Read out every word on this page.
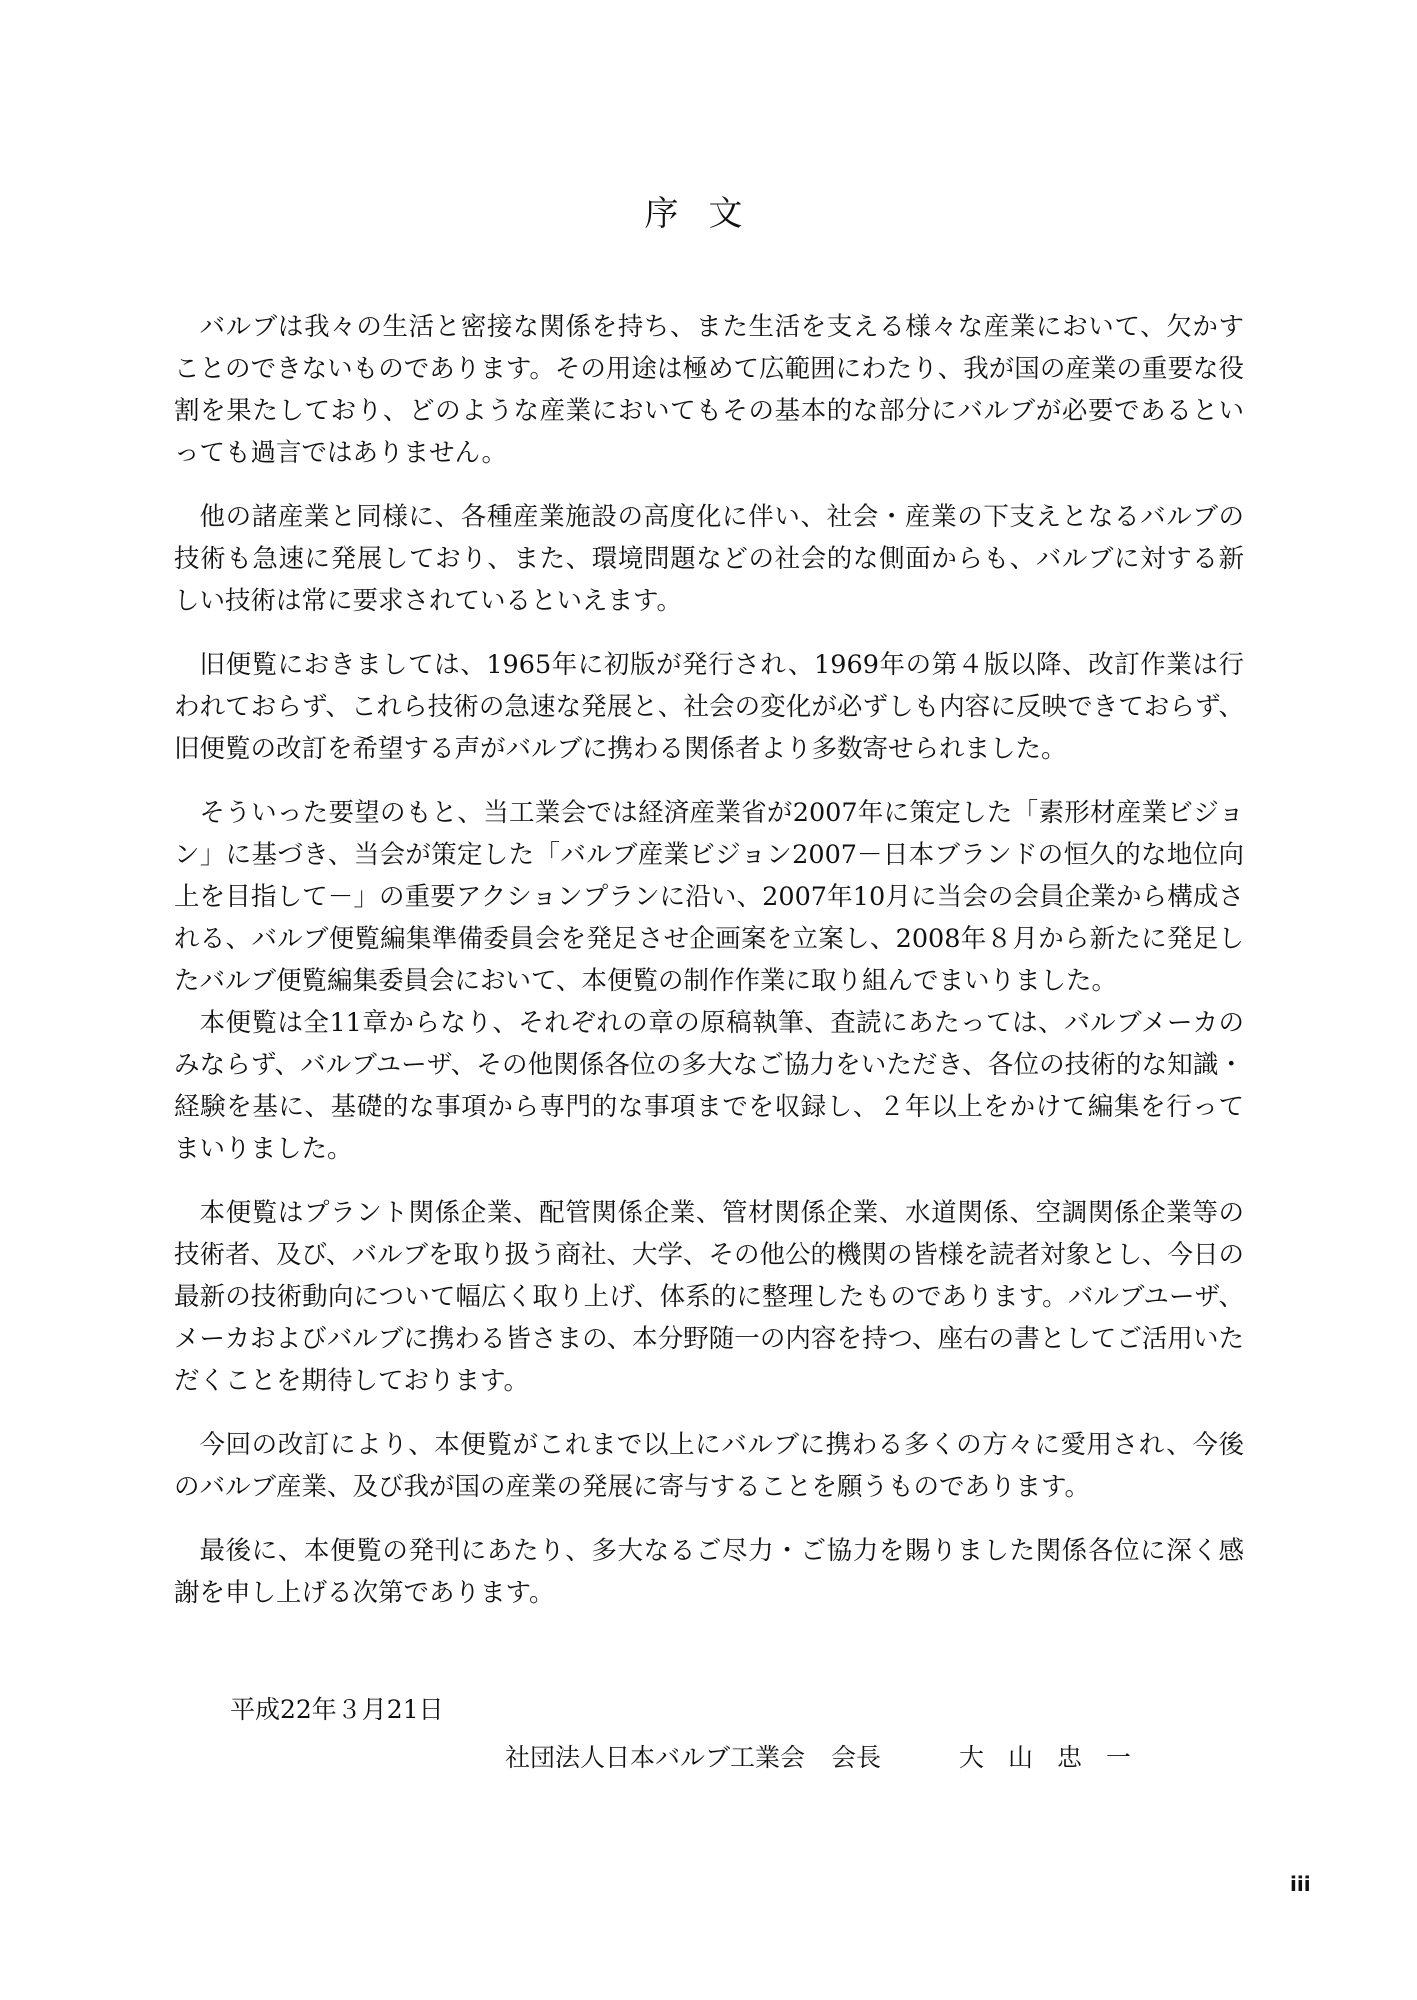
序文

バルブは我々の生活と密接な関係を持ち、また生活を支える様々な産業において、欠かすことのできないものであります。その用途は極めて広範囲にわたり、我が国の産業の重要な役割を果たしており、どのような産業においてもその基本的な部分にバルブが必要であるといっても過言ではありません。

他の諸産業と同様に、各種産業施設の高度化に伴い、社会・産業の下支えとなるバルブの技術も急速に発展しており、また、環境問題などの社会的な側面からも、バルブに対する新しい技術は常に要求されているといえます。

旧便覧におきましては、1965年に初版が発行され、1969年の第４版以降、改訂作業は行われておらず、これら技術の急速な発展と、社会の変化が必ずしも内容に反映できておらず、旧便覧の改訂を希望する声がバルブに携わる関係者より多数寄せられました。

そういった要望のもと、当工業会では経済産業省が2007年に策定した「素形材産業ビジョン」に基づき、当会が策定した「バルブ産業ビジョン2007－日本ブランドの恒久的な地位向上を目指して－」の重要アクションプランに沿い、2007年10月に当会の会員企業から構成される、バルブ便覧編集準備委員会を発足させ企画案を立案し、2008年８月から新たに発足したバルブ便覧編集委員会において、本便覧の制作作業に取り組んでまいりました。

本便覧は全11章からなり、それぞれの章の原稿執筆、査読にあたっては、バルブメーカのみならず、バルブユーザ、その他関係各位の多大なご協力をいただき、各位の技術的な知識・経験を基に、基礎的な事項から専門的な事項までを収録し、２年以上をかけて編集を行ってまいりました。

本便覧はプラント関係企業、配管関係企業、管材関係企業、水道関係、空調関係企業等の技術者、及び、バルブを取り扱う商社、大学、その他公的機関の皆様を読者対象とし、今日の最新の技術動向について幅広く取り上げ、体系的に整理したものであります。バルブユーザ、メーカおよびバルブに携わる皆さまの、本分野随一の内容を持つ、座右の書としてご活用いただくことを期待しております。

今回の改訂により、本便覧がこれまで以上にバルブに携わる多くの方々に愛用され、今後のバルブ産業、及び我が国の産業の発展に寄与することを願うものであります。

最後に、本便覧の発刊にあたり、多大なるご尽力・ご協力を賜りました関係各位に深く感謝を申し上げる次第であります。

平成22年３月21日

社団法人日本バルブ工業会 会長	大山忠一

iii
